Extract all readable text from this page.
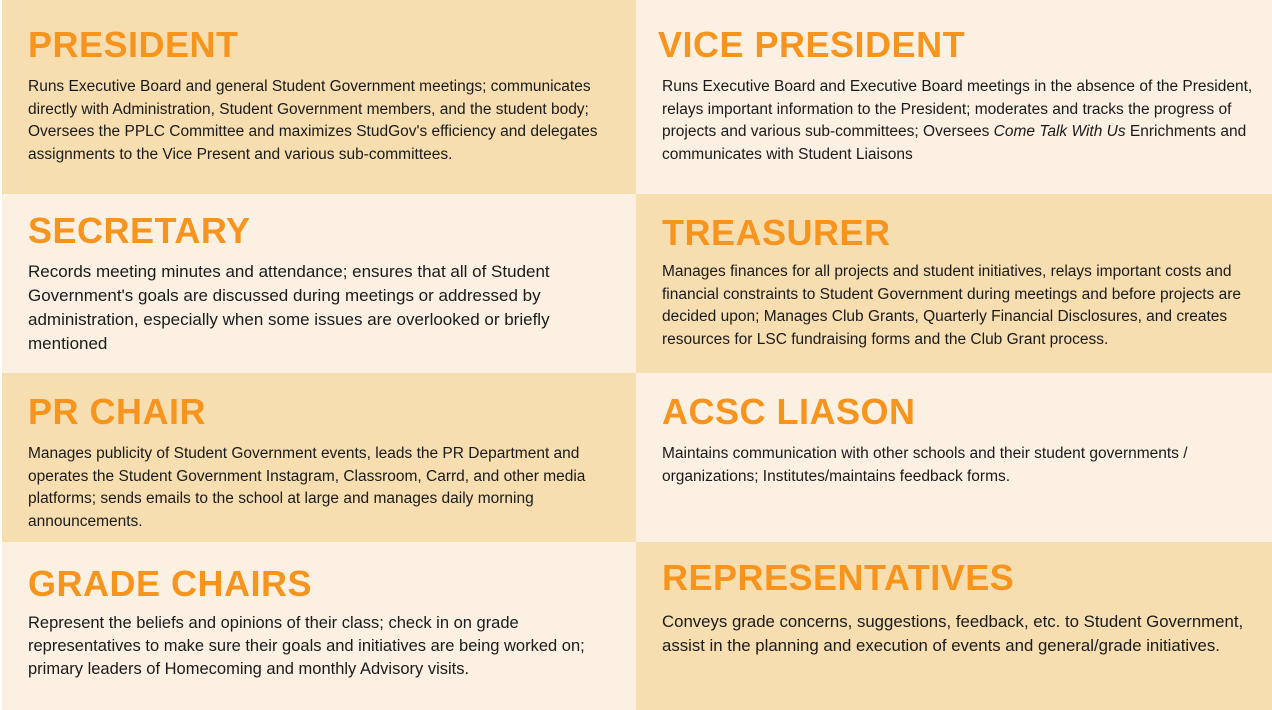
PRESIDENT

Runs Executive Board and general Student Government meetings; communicates directly with Administration, Student Government members, and the student body; Oversees the PPLC Committee and maximizes StudGov's efficiency and delegates assignments to the Vice Present and various sub-committees.

VICE PRESIDENT

Runs Executive Board and Executive Board meetings in the absence of the President, relays important information to the President; moderates and tracks the progress of projects and various sub-committees; Oversees Come Talk With Us Enrichments and communicates with Student Liaisons

SECRETARY

Records meeting minutes and attendance; ensures that all of Student Government's goals are discussed during meetings or addressed by administration, especially when some issues are overlooked or briefly mentioned

TREASURER

Manages finances for all projects and student initiatives, relays important costs and financial constraints to Student Government during meetings and before projects are decided upon; Manages Club Grants, Quarterly Financial Disclosures, and creates resources for LSC fundraising forms and the Club Grant process.

PR CHAIR

Manages publicity of Student Government events, leads the PR Department and operates the Student Government Instagram, Classroom, Carrd, and other media platforms; sends emails to the school at large and manages daily morning announcements.

ACSC LIASON

Maintains communication with other schools and their student governments / organizations; Institutes/maintains feedback forms.

GRADE CHAIRS

Represent the beliefs and opinions of their class; check in on grade representatives to make sure their goals and initiatives are being worked on; primary leaders of Homecoming and monthly Advisory visits.

REPRESENTATIVES

Conveys grade concerns, suggestions, feedback, etc. to Student Government, assist in the planning and execution of events and general/grade initiatives.
